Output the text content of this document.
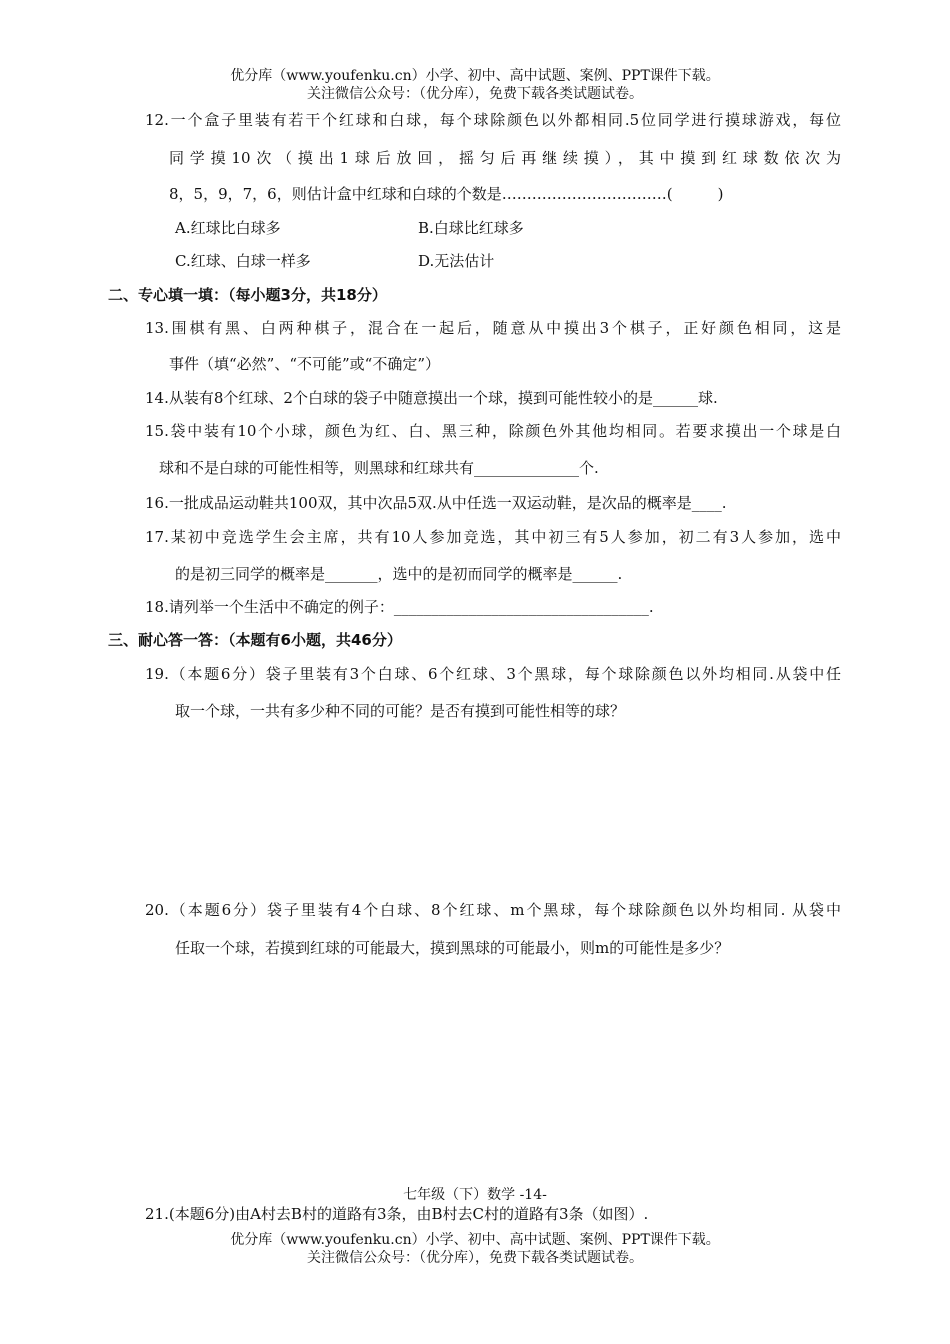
优分库（www.youfenku.cn）小学、初中、高中试题、案例、PPT课件下载。
关注微信公众号：（优分库），免费下载各类试题试卷。
12.一个盒子里装有若干个红球和白球，每个球除颜色以外都相同.5位同学进行摸球游戏，每位
同学摸10次（摸出1球后放回，摇匀后再继续摸），其中摸到红球数依次为
8，5，9，7，6，则估计盒中红球和白球的个数是……………………………(　　　)
A.红球比白球多	B.白球比红球多
C.红球、白球一样多	D.无法估计
二、专心填一填：（每小题3分，共18分）
13.围棋有黑、白两种棋子，混合在一起后，随意从中摸出3个棋子，正好颜色相同，这是
事件（填“必然”、“不可能”或“不确定”）
14.从装有8个红球、2个白球的袋子中随意摸出一个球，摸到可能性较小的是______球.
15.袋中装有10个小球，颜色为红、白、黑三种，除颜色外其他均相同。若要求摸出一个球是白
球和不是白球的可能性相等，则黑球和红球共有______________个.
16.一批成品运动鞋共100双，其中次品5双.从中任选一双运动鞋，是次品的概率是____.
17.某初中竞选学生会主席，共有10人参加竞选，其中初三有5人参加，初二有3人参加，选中
的是初三同学的概率是_______，选中的是初而同学的概率是______.
18.请列举一个生活中不确定的例子：__________________________________.
三、耐心答一答：（本题有6小题，共46分）
19.（本题6分）袋子里装有3个白球、6个红球、3个黑球，每个球除颜色以外均相同.从袋中任
取一个球，一共有多少种不同的可能？是否有摸到可能性相等的球？
20.（本题6分）袋子里装有4个白球、8个红球、m个黑球，每个球除颜色以外均相同. 从袋中
任取一个球，若摸到红球的可能最大，摸到黑球的可能最小，则m的可能性是多少？
七年级（下）数学 -14-
21.(本题6分)由A村去B村的道路有3条，由B村去C村的道路有3条（如图）.
优分库（www.youfenku.cn）小学、初中、高中试题、案例、PPT课件下载。
关注微信公众号：（优分库），免费下载各类试题试卷。
